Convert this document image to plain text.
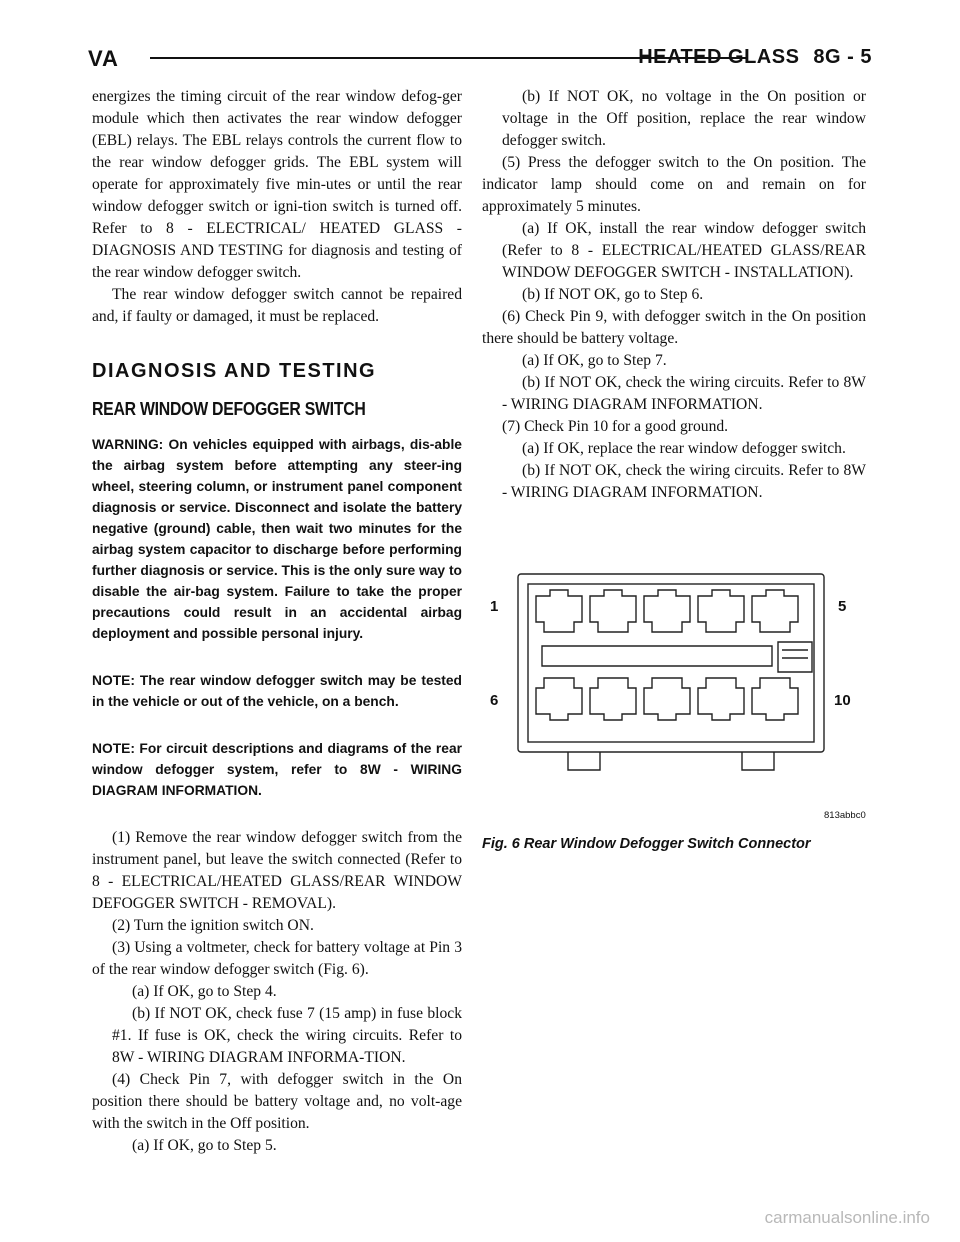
VA	HEATED GLASS 8G - 5

energizes the timing circuit of the rear window defog-ger module which then activates the rear window defogger (EBL) relays. The EBL relays controls the current flow to the rear window defogger grids. The EBL system will operate for approximately five min-utes or until the rear window defogger switch or igni-tion switch is turned off. Refer to 8 - ELECTRICAL/ HEATED GLASS - DIAGNOSIS AND TESTING for diagnosis and testing of the rear window defogger switch.

The rear window defogger switch cannot be repaired and, if faulty or damaged, it must be replaced.

DIAGNOSIS AND TESTING
REAR WINDOW DEFOGGER SWITCH

WARNING: On vehicles equipped with airbags, dis-able the airbag system before attempting any steer-ing wheel, steering column, or instrument panel component diagnosis or service. Disconnect and isolate the battery negative (ground) cable, then wait two minutes for the airbag system capacitor to discharge before performing further diagnosis or service. This is the only sure way to disable the air-bag system. Failure to take the proper precautions could result in an accidental airbag deployment and possible personal injury.

NOTE: The rear window defogger switch may be tested in the vehicle or out of the vehicle, on a bench.

NOTE: For circuit descriptions and diagrams of the rear window defogger system, refer to 8W - WIRING DIAGRAM INFORMATION.

(1) Remove the rear window defogger switch from the instrument panel, but leave the switch connected (Refer to 8 - ELECTRICAL/HEATED GLASS/REAR WINDOW DEFOGGER SWITCH - REMOVAL).

(2) Turn the ignition switch ON.

(3) Using a voltmeter, check for battery voltage at Pin 3 of the rear window defogger switch (Fig. 6).

(a) If OK, go to Step 4.

(b) If NOT OK, check fuse 7 (15 amp) in fuse block #1. If fuse is OK, check the wiring circuits. Refer to 8W - WIRING DIAGRAM INFORMA-TION.

(4) Check Pin 7, with defogger switch in the On position there should be battery voltage and, no volt-age with the switch in the Off position.

(a) If OK, go to Step 5.

(b) If NOT OK, no voltage in the On position or voltage in the Off position, replace the rear window defogger switch.

(5) Press the defogger switch to the On position. The indicator lamp should come on and remain on for approximately 5 minutes.

(a) If OK, install the rear window defogger switch (Refer to 8 - ELECTRICAL/HEATED GLASS/REAR WINDOW DEFOGGER SWITCH - INSTALLATION).

(b) If NOT OK, go to Step 6.

(6) Check Pin 9, with defogger switch in the On position there should be battery voltage.

(a) If OK, go to Step 7.

(b) If NOT OK, check the wiring circuits. Refer to 8W - WIRING DIAGRAM INFORMATION.

(7) Check Pin 10 for a good ground.

(a) If OK, replace the rear window defogger switch.

(b) If NOT OK, check the wiring circuits. Refer to 8W - WIRING DIAGRAM INFORMATION.

1	5
6	10
813abbc0
Fig. 6 Rear Window Defogger Switch Connector
carmanualsonline.info
